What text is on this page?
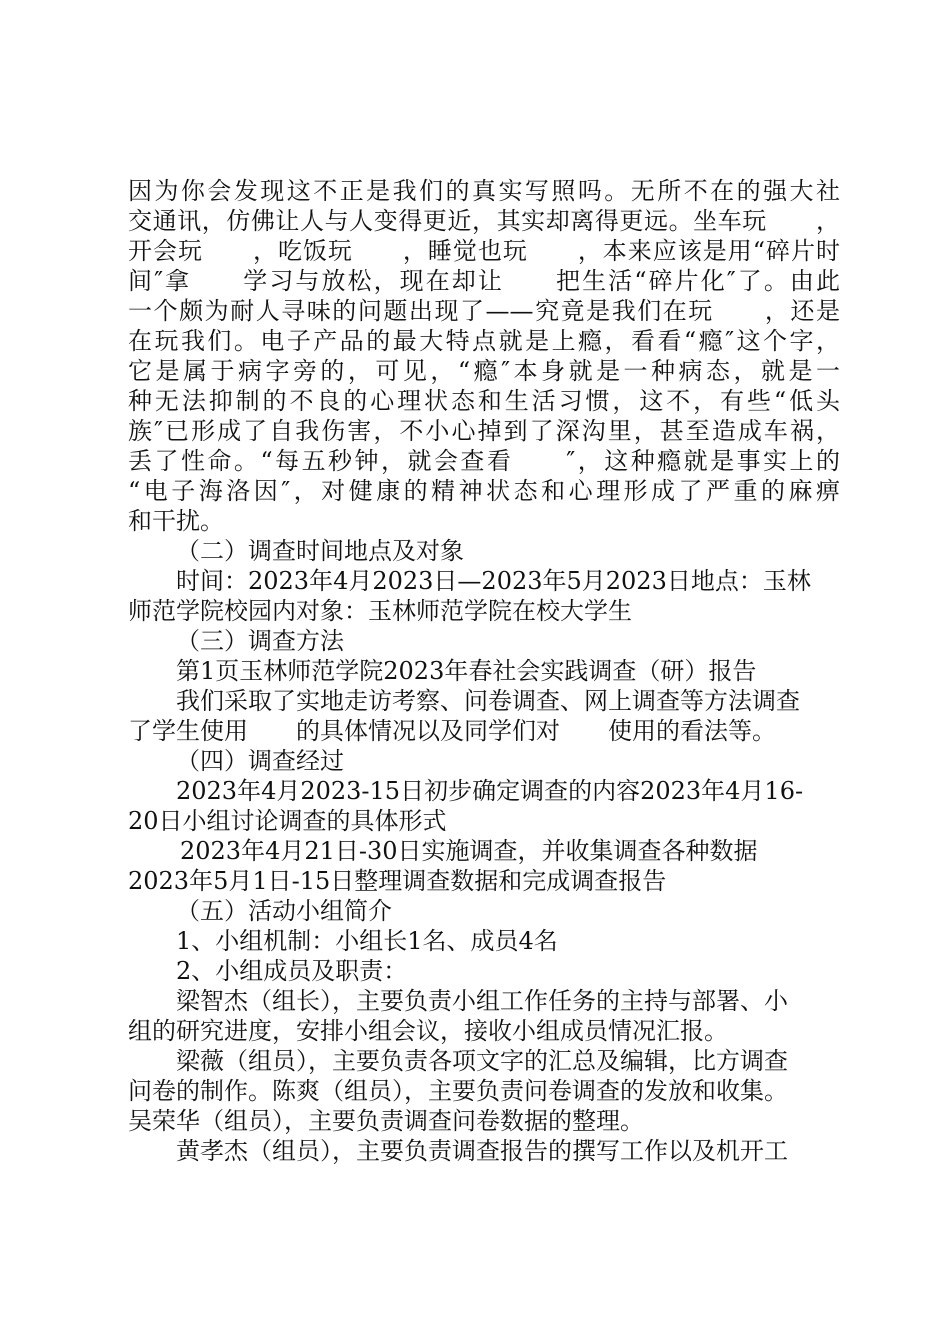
因为你会发现这不正是我们的真实写照吗。无所不在的强大社
交通讯，仿佛让人与人变得更近，其实却离得更远。坐车玩　　，
开会玩　　，吃饭玩　　，睡觉也玩　　，本来应该是用“碎片时
间″拿　　学习与放松，现在却让　　把生活“碎片化″了。由此
一个颇为耐人寻味的问题出现了——究竟是我们在玩　　，还是
在玩我们。电子产品的最大特点就是上瘾，看看“瘾″这个字，
它是属于病字旁的，可见，“瘾″本身就是一种病态，就是一
种无法抑制的不良的心理状态和生活习惯，这不，有些“低头
族″已形成了自我伤害，不小心掉到了深沟里，甚至造成车祸，
丢了性命。“每五秒钟，就会查看　　″，这种瘾就是事实上的
“电子海洛因″，对健康的精神状态和心理形成了严重的麻痹
和干扰。
（二）调查时间地点及对象
时间：2023年4月2023日—2023年5月2023日地点：玉林
师范学院校园内对象：玉林师范学院在校大学生
（三）调查方法
第1页玉林师范学院2023年春社会实践调查（研）报告
我们采取了实地走访考察、问卷调查、网上调查等方法调查
了学生使用　　的具体情况以及同学们对　　使用的看法等。
（四）调查经过
2023年4月2023-15日初步确定调查的内容2023年4月16-
20日小组讨论调查的具体形式
2023年4月21日-30日实施调查，并收集调查各种数据
2023年5月1日-15日整理调查数据和完成调查报告
（五）活动小组简介
1、小组机制：小组长1名、成员4名
2、小组成员及职责：
梁智杰（组长），主要负责小组工作任务的主持与部署、小
组的研究进度，安排小组会议，接收小组成员情况汇报。
梁薇（组员），主要负责各项文字的汇总及编辑，比方调查
问卷的制作。陈爽（组员），主要负责问卷调查的发放和收集。
吴荣华（组员），主要负责调查问卷数据的整理。
黄孝杰（组员），主要负责调查报告的撰写工作以及机开工
